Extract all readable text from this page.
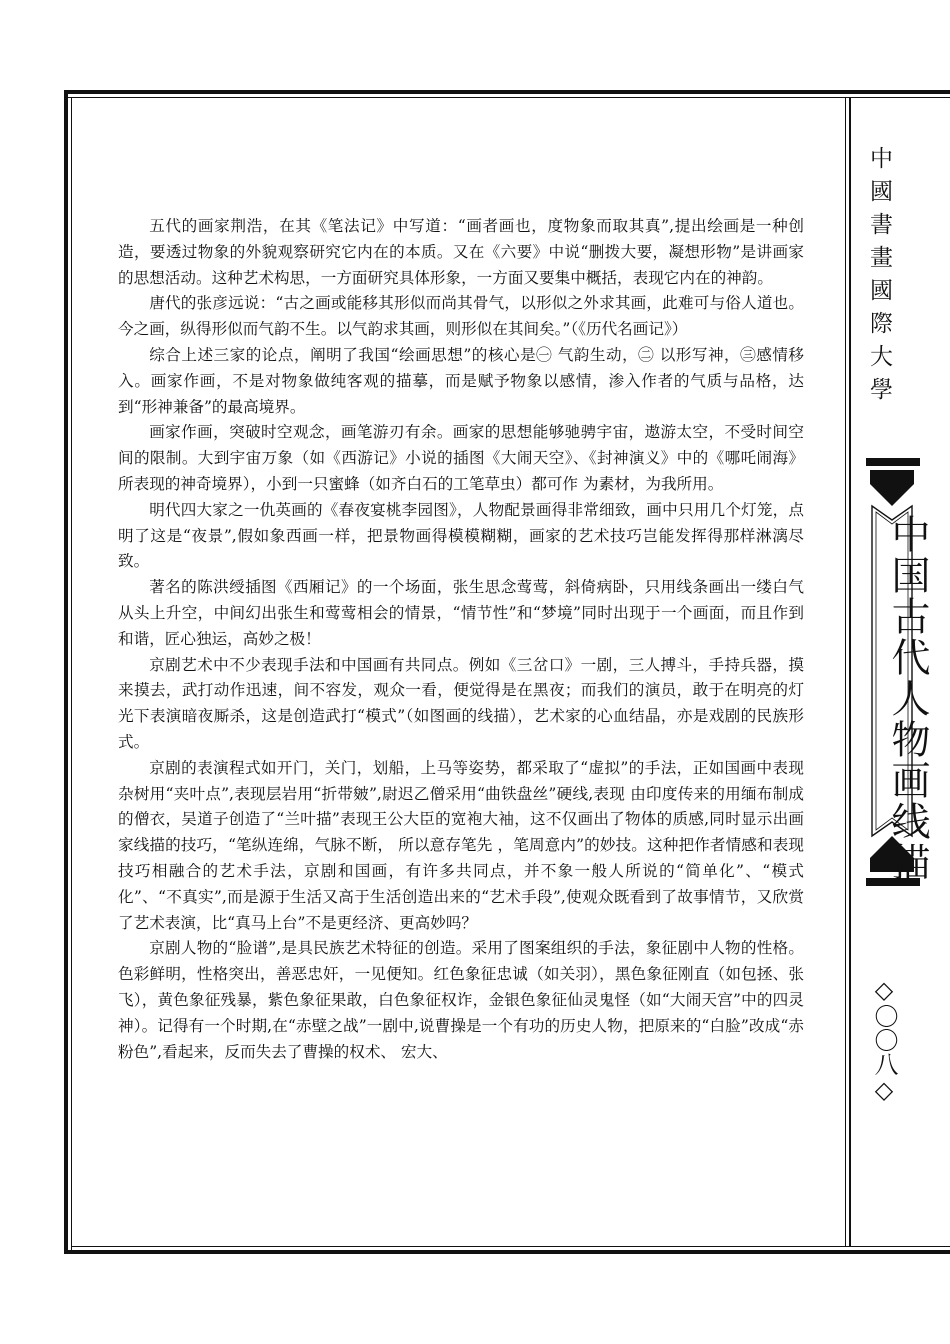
中國書畫國際大學
中国古代人物画线描
◇〇〇八◇

五代的画家荆浩，在其《笔法记》中写道：“画者画也，度物象而取其真”,提出绘画是一种创造，要透过物象的外貌观察研究它内在的本质。又在《六要》中说“删拨大要，凝想形物”是讲画家的思想活动。这种艺术构思，一方面研究具体形象，一方面又要集中概括，表现它内在的神韵。

唐代的张彦远说：“古之画或能移其形似而尚其骨气，以形似之外求其画，此难可与俗人道也。今之画，纵得形似而气韵不生。以气韵求其画，则形似在其间矣。”（《历代名画记》）

综合上述三家的论点，阐明了我国“绘画思想”的核心是㊀ 气韵生动，㊁ 以形写神，㊂感情移入。画家作画，不是对物象做纯客观的描摹，而是赋予物象以感情，渗入作者的气质与品格，达到“形神兼备”的最高境界。

画家作画，突破时空观念，画笔游刃有余。画家的思想能够驰骋宇宙，遨游太空，不受时间空间的限制。大到宇宙万象（如《西游记》小说的插图《大闹天空》、《封神演义》中的《哪吒闹海》所表现的神奇境界），小到一只蜜蜂（如齐白石的工笔草虫）都可作 为素材，为我所用。

明代四大家之一仇英画的《春夜宴桃李园图》，人物配景画得非常细致，画中只用几个灯笼，点明了这是“夜景”,假如象西画一样，把景物画得模模糊糊，画家的艺术技巧岂能发挥得那样淋漓尽致。

著名的陈洪绶插图《西厢记》的一个场面，张生思念莺莺，斜倚病卧，只用线条画出一缕白气从头上升空，中间幻出张生和莺莺相会的情景，“情节性”和“梦境”同时出现于一个画面，而且作到和谐，匠心独运，高妙之极！

京剧艺术中不少表现手法和中国画有共同点。例如《三岔口》一剧，三人搏斗，手持兵器，摸来摸去，武打动作迅速，间不容发，观众一看，便觉得是在黑夜；而我们的演员，敢于在明亮的灯光下表演暗夜厮杀，这是创造武打“模式”（如图画的线描），艺术家的心血结晶，亦是戏剧的民族形式。

京剧的表演程式如开门，关门，划船，上马等姿势，都采取了“虚拟”的手法，正如国画中表现杂树用“夹叶点”,表现层岩用“折带皴”,尉迟乙僧采用“曲铁盘丝”硬线,表现 由印度传来的用缅布制成的僧衣，吴道子创造了“兰叶描”表现王公大臣的宽袍大袖，这不仅画出了物体的质感,同时显示出画家线描的技巧，“笔纵连绵，气脉不断， 所以意存笔先 ，笔周意内”的妙技。这种把作者情感和表现技巧相融合的艺术手法，京剧和国画，有许多共同点，并不象一般人所说的“简单化”、“模式化”、“不真实”,而是源于生活又高于生活创造出来的“艺术手段”,使观众既看到了故事情节，又欣赏了艺术表演，比“真马上台”不是更经济、更高妙吗？

京剧人物的“脸谱”,是具民族艺术特征的创造。采用了图案组织的手法，象征剧中人物的性格。色彩鲜明，性格突出，善恶忠奸，一见便知。红色象征忠诚（如关羽），黑色象征刚直（如包拯、张飞），黄色象征残暴，紫色象征果敢，白色象征权诈，金银色象征仙灵鬼怪（如“大闹天宫”中的四灵神）。记得有一个时期,在“赤壁之战”一剧中,说曹操是一个有功的历史人物，把原来的“白脸”改成“赤粉色”,看起来，反而失去了曹操的权术、 宏大、
